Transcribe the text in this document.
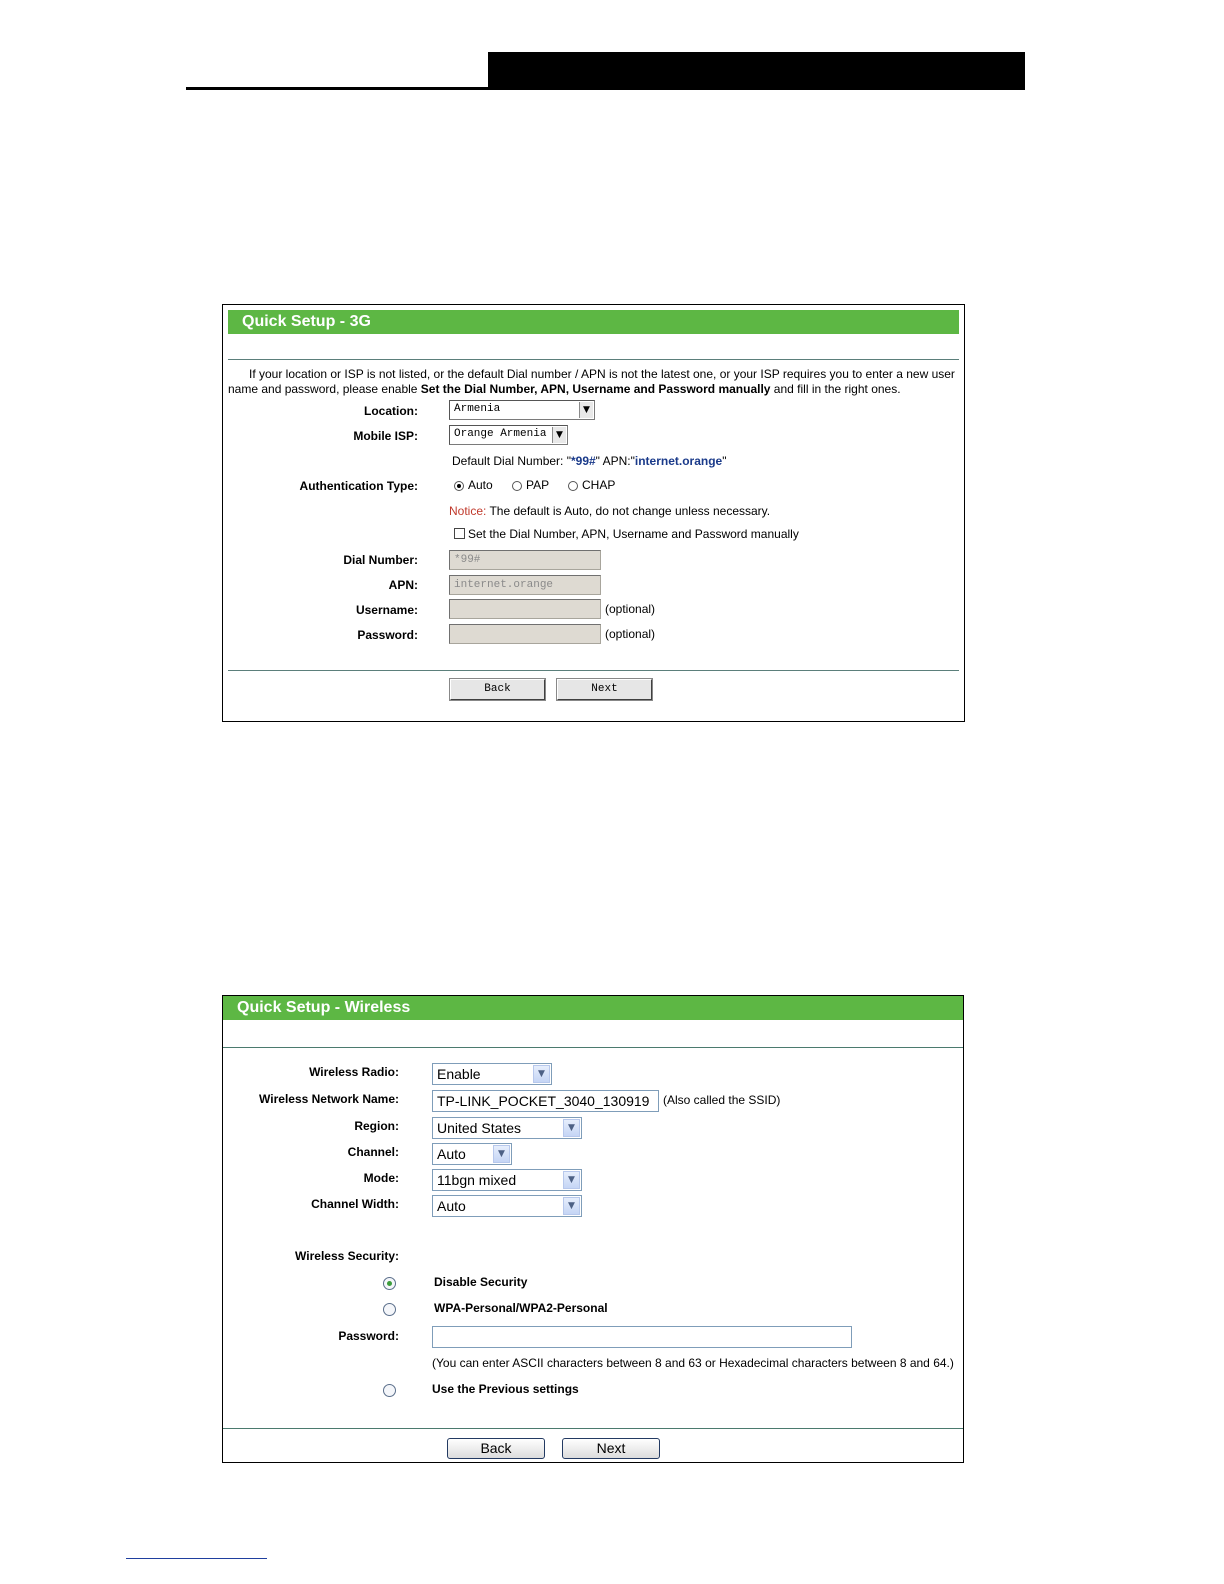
Quick Setup - 3G
If your location or ISP is not listed, or the default Dial number / APN is not the latest one, or your ISP requires you to enter a new user
name and password, please enable Set the Dial Number, APN, Username and Password manually and fill in the right ones.
Location:	Armenia	▼
Mobile ISP:	Orange Armenia	▼
Default Dial Number: "*99#" APN:"internet.orange"
Authentication Type:	Auto	PAP	CHAP
Notice: The default is Auto, do not change unless necessary.
Set the Dial Number, APN, Username and Password manually
Dial Number:	*99#
APN:	internet.orange
Username:	(optional)
Password:	(optional)
Back	Next
Quick Setup - Wireless
Wireless Radio:	Enable	▼
Wireless Network Name:	TP-LINK_POCKET_3040_130919	(Also called the SSID)
Region:	United States	▼
Channel:	Auto	▼
Mode:	11bgn mixed	▼
Channel Width:	Auto	▼
Wireless Security:
Disable Security
WPA-Personal/WPA2-Personal
Password:
(You can enter ASCII characters between 8 and 63 or Hexadecimal characters between 8 and 64.)
Use the Previous settings
Back	Next
